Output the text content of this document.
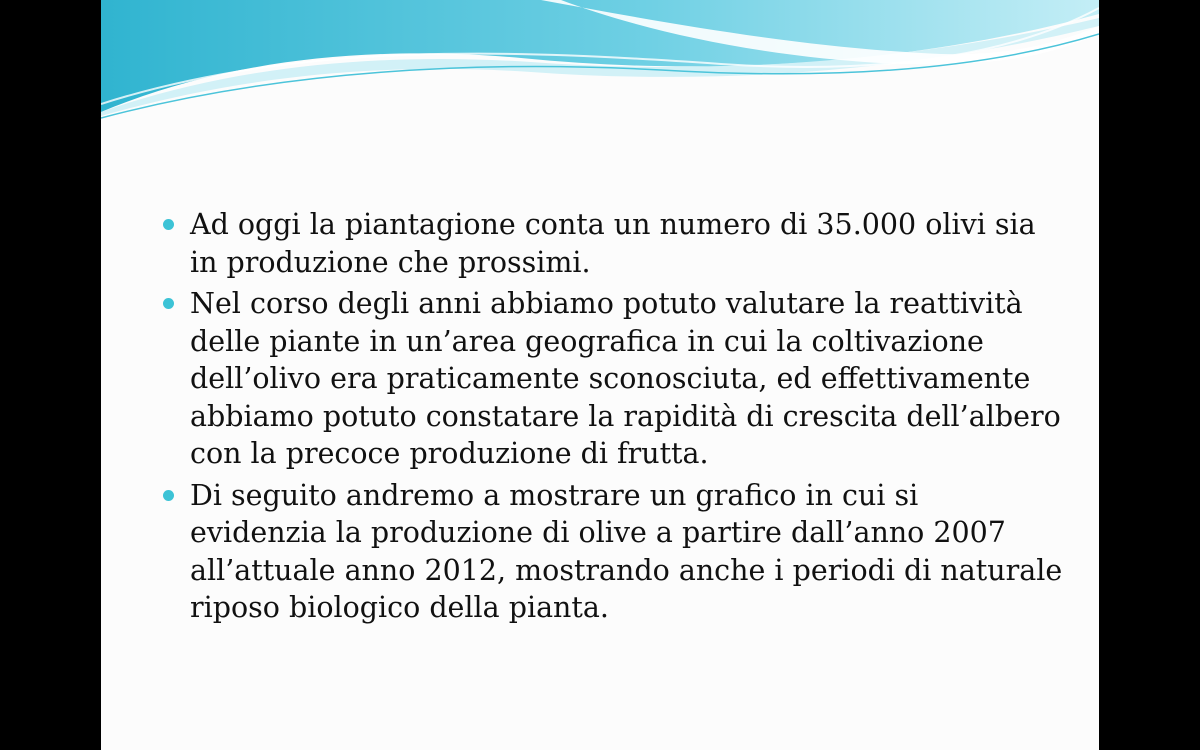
Ad oggi la piantagione conta un numero di 35.000 olivi sia in produzione che prossimi.
Nel corso degli anni abbiamo potuto valutare la reattività delle piante in un’area geografica in cui la coltivazione dell’olivo era praticamente sconosciuta, ed effettivamente abbiamo potuto constatare la rapidità di crescita dell’albero con la precoce produzione di frutta.
Di seguito andremo a mostrare un grafico in cui si evidenzia la produzione di olive a partire dall’anno 2007 all’attuale anno 2012, mostrando anche i periodi di naturale riposo biologico della pianta.
